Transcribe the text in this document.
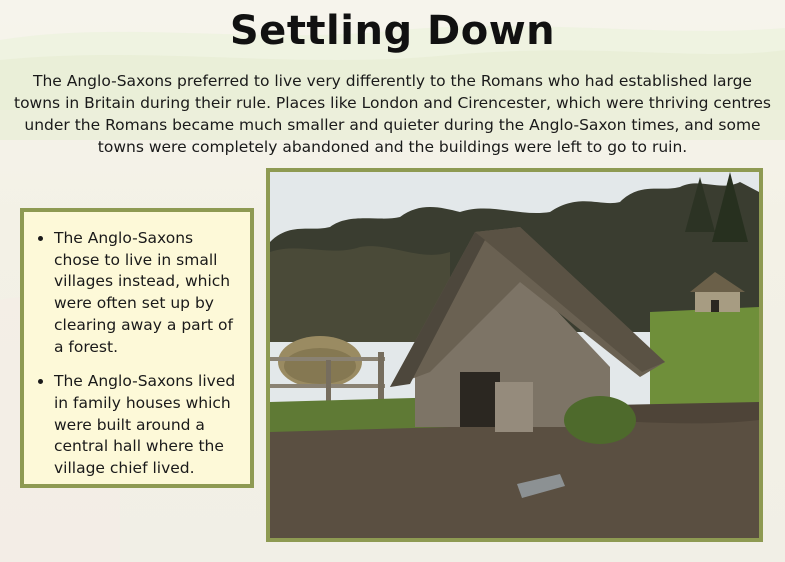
Settling Down
The Anglo-Saxons preferred to live very differently to the Romans who had established large towns in Britain during their rule. Places like London and Cirencester, which were thriving centres under the Romans became much smaller and quieter during the Anglo-Saxon times, and some towns were completely abandoned and the buildings were left to go to ruin.
• The Anglo-Saxons chose to live in small villages instead, which were often set up by clearing away a part of a forest.
• The Anglo-Saxons lived in family houses which were built around a central hall where the village chief lived.
